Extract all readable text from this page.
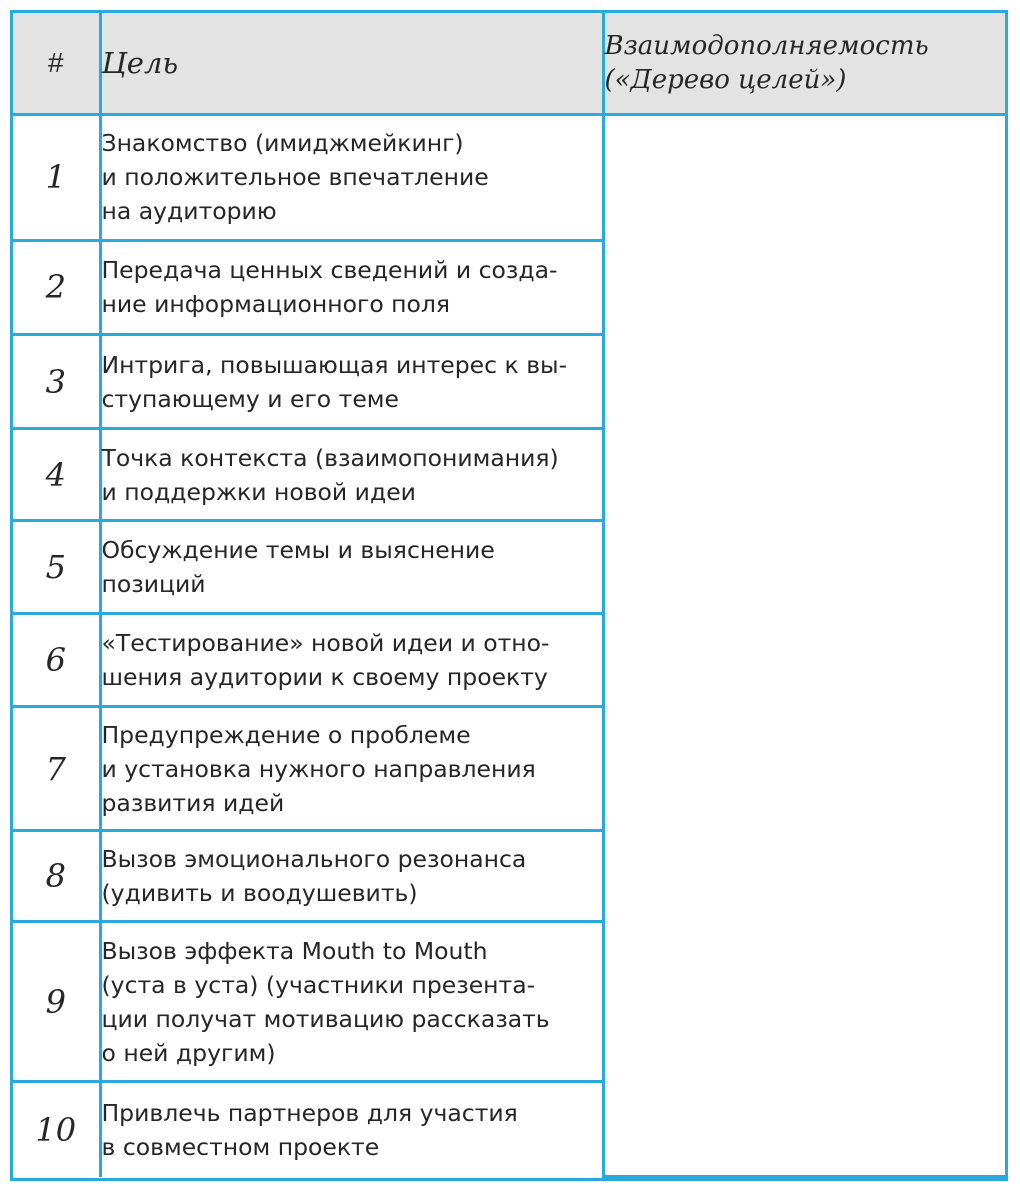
#	Цель	Взаимодополняемость
(«Дерево целей»)

1	Знакомство (имиджмейкинг)
и положительное впечатление
на аудиторию	

2	Передача ценных сведений и созда-
ние информационного поля	

3	Интрига, повышающая интерес к вы-
ступающему и его теме	

4	Точка контекста (взаимопонимания)
и поддержки новой идеи	

5	Обсуждение темы и выяснение
позиций	

6	«Тестирование» новой идеи и отно-
шения аудитории к своему проекту	

7	Предупреждение о проблеме
и установка нужного направления
развития идей	

8	Вызов эмоционального резонанса
(удивить и воодушевить)	

9	Вызов эффекта Mouth to Mouth
(уста в уста) (участники презента-
ции получат мотивацию рассказать
о ней другим)	

10	Привлечь партнеров для участия
в совместном проекте	
